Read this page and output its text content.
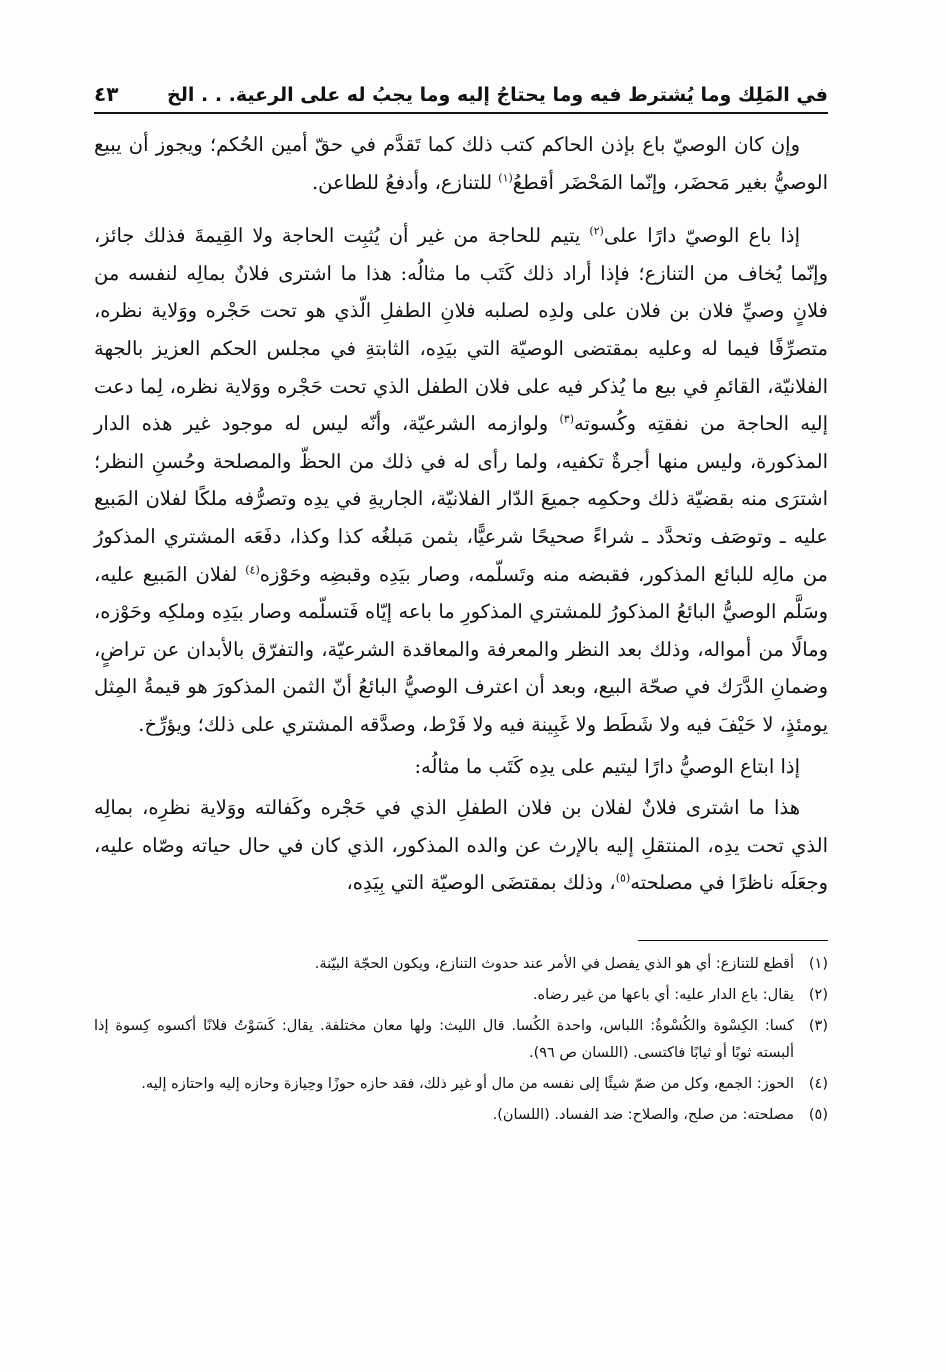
في المَلِك وما يُشترط فيه وما يحتاجُ إليه وما يجبُ له على الرعية. . . الخ
٤٣

وإن كان الوصيّ باع بإذن الحاكم كتب ذلك كما تَقدَّم في حقّ أمين الحُكم؛ ويجوز أن يبيع الوصيُّ بغير مَحضَر، وإنّما المَحْضَر أقطعُ$^{(١)}$ للتنازع، وأدفعُ للطاعن.

إذا باع الوصيّ دارًا على$^{(٢)}$ يتيم للحاجة من غير أن يُثبِت الحاجة ولا القِيمةَ فذلك جائز، وإنّما يُخاف من التنازع؛ فإذا أراد ذلك كَتَب ما مثالُه: هذا ما اشترى فلانٌ بمالِه لنفسه من فلانٍ وصيِّ فلان بن فلان على ولدِه لصلبه فلانِ الطفلِ الّذي هو تحت حَجْره ووَلاية نظره، متصرِّفًا فيما له وعليه بمقتضى الوصيّة التي بيَدِه، الثابتةِ في مجلس الحكم العزيز بالجهة الفلانيّة، القائمِ في بيع ما يُذكر فيه على فلان الطفل الذي تحت حَجْره ووَلاية نظره، لِما دعت إليه الحاجة من نفقتِه وكُسوته$^{(٣)}$ ولوازمه الشرعيّة، وأنّه ليس له موجود غير هذه الدار المذكورة، وليس منها أجرةٌ تكفيه، ولما رأى له في ذلك من الحظّ والمصلحة وحُسنِ النظر؛ اشترَى منه بقضيّة ذلك وحكمِه جميعَ الدّار الفلانيّة، الجاريةِ في يدِه وتصرُّفه ملكًا لفلان المَبيع عليه ـ وتوصَف وتحدَّد ـ شراءً صحيحًا شرعيًّا، بثمن مَبلغُه كذا وكذا، دفَعَه المشتري المذكورُ من مالِه للبائع المذكور، فقبضه منه وتَسلّمه، وصار بيَدِه وقبضِه وحَوْزه$^{(٤)}$ لفلان المَبيع عليه، وسَلَّم الوصيُّ البائعُ المذكورُ للمشتري المذكورِ ما باعه إيّاه فَتسلّمه وصار بيَدِه وملكِه وحَوْزه، ومالًا من أمواله، وذلك بعد النظر والمعرفة والمعاقدة الشرعيّة، والتفرّق بالأبدان عن تراضٍ، وضمانِ الدَّرَك في صحّة البيع، وبعد أن اعترف الوصيُّ البائعُ أنّ الثمن المذكورَ هو قيمةُ المِثل يومئذٍ، لا حَيْفَ فيه ولا شَطَط ولا غَبِينة فيه ولا فَرْط، وصدَّقه المشتري على ذلك؛ ويؤرِّخ.

إذا ابتاع الوصيُّ دارًا ليتيم على يدِه كَتَب ما مثالُه:

هذا ما اشترى فلانٌ لفلان بن فلان الطفلِ الذي في حَجْره وكَفالته ووَلاية نظرِه، بمالِه الذي تحت يدِه، المنتقلِ إليه بالإرث عن والده المذكور، الذي كان في حال حياته وصّاه عليه، وجعَلَه ناظرًا في مصلحته$^{(٥)}$، وذلك بمقتضَى الوصيّة التي بِيَدِه،

(١)
أقطع للتنازع: أي هو الذي يفصل في الأمر عند حدوث التنازع، ويكون الحجّة البيّنة.
(٢)
يقال: باع الدار عليه: أي باعها من غير رضاه.
(٣)
كسا: الكِسْوة والكُسْوةُ: اللباس، واحدة الكُسا. قال الليث: ولها معان مختلفة. يقال: كَسَوْتُ فلانًا أكسوه كِسوة إذا ألبسته ثوبًا أو ثيابًا فاكتسى. (اللسان ص ٩٦).
(٤)
الحوز: الجمع، وكل من ضمّ شيئًا إلى نفسه من مال أو غير ذلك، فقد حازه حوزًا وحِيازة وحازه إليه واحتازه إليه.
(٥)
مصلحته: من صلح، والصلاح: ضد الفساد. (اللسان).
